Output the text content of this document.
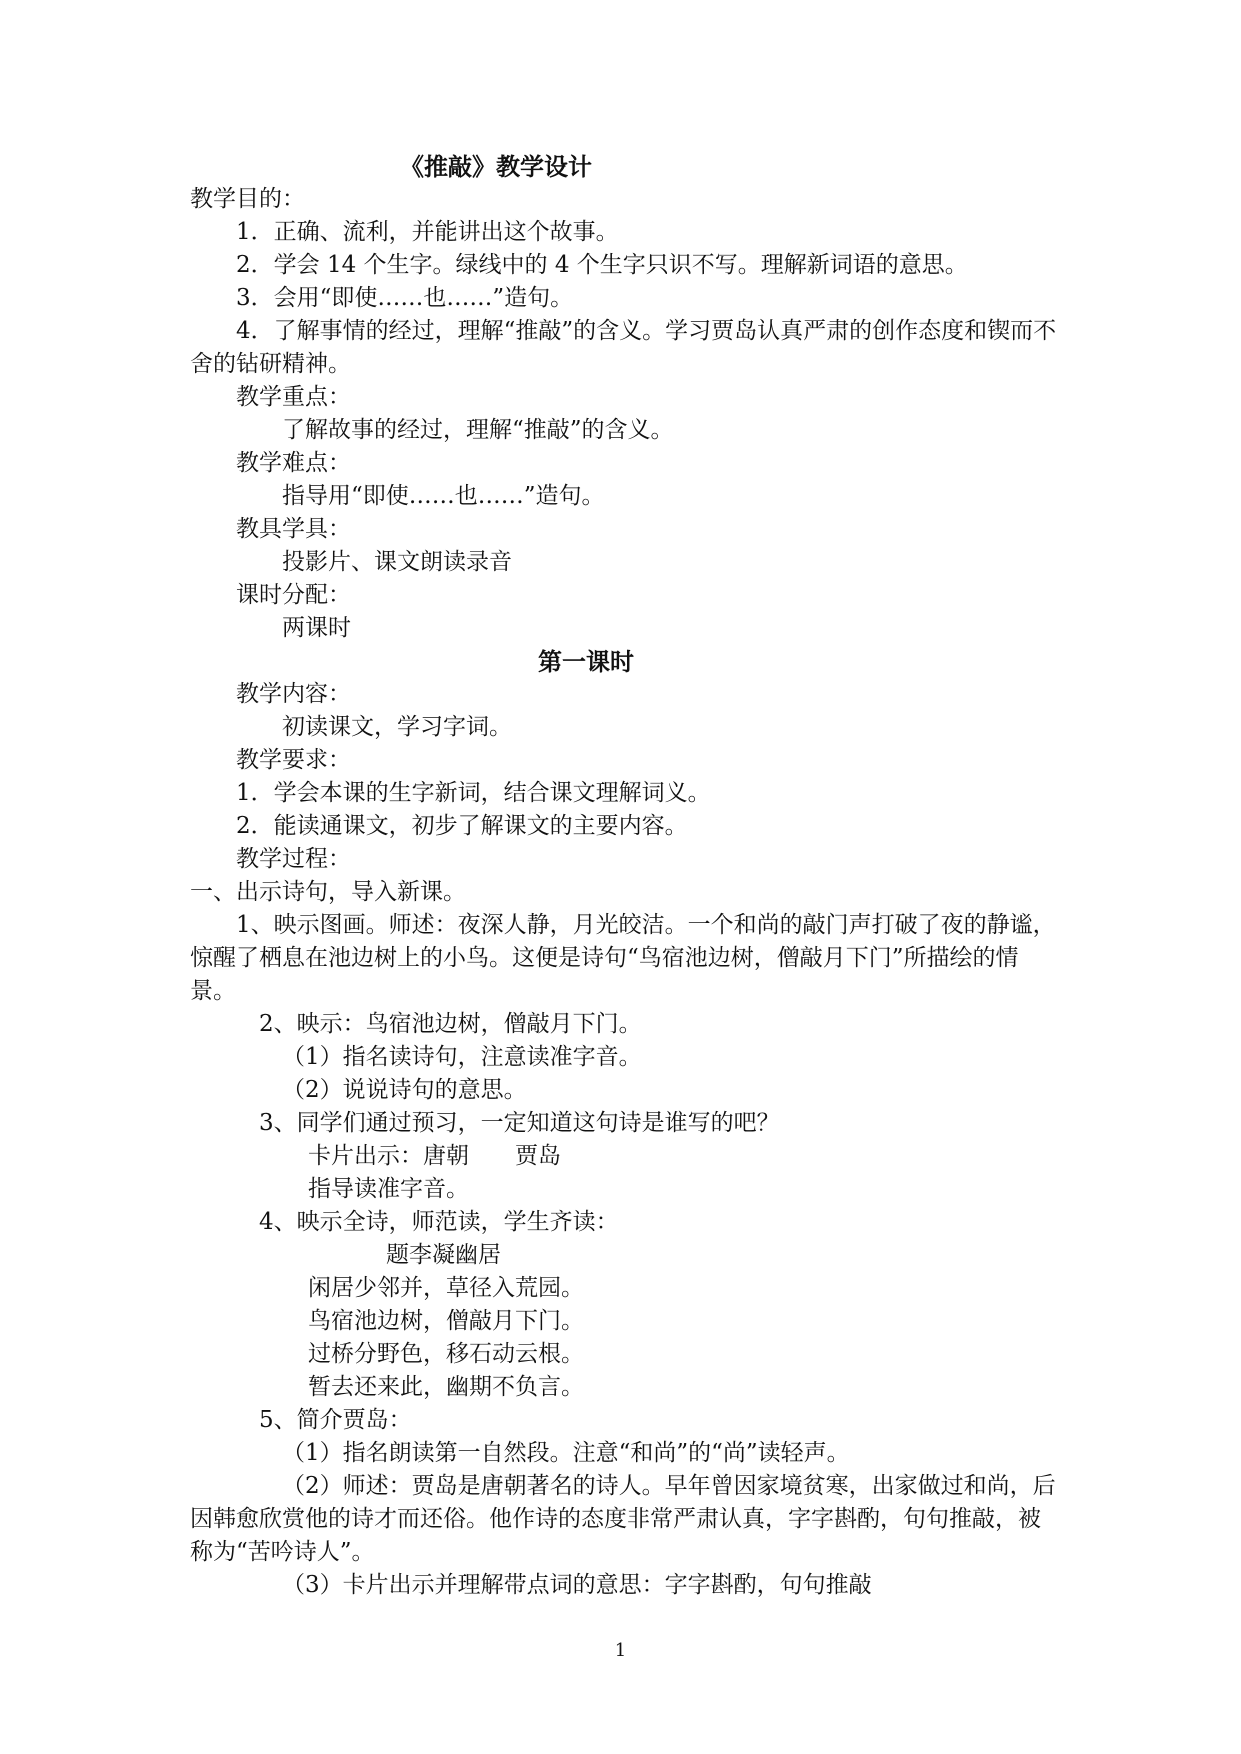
《推敲》教学设计
教学目的：
1．正确、流利，并能讲出这个故事。
2．学会 14 个生字。绿线中的 4 个生字只识不写。理解新词语的意思。
3．会用“即使……也……”造句。
4．了解事情的经过，理解“推敲”的含义。学习贾岛认真严肃的创作态度和锲而不舍的钻研精神。
教学重点：
了解故事的经过，理解“推敲”的含义。
教学难点：
指导用“即使……也……”造句。
教具学具：
投影片、课文朗读录音
课时分配：
两课时
第一课时
教学内容：
初读课文，学习字词。
教学要求：
1．学会本课的生字新词，结合课文理解词义。
2．能读通课文，初步了解课文的主要内容。
教学过程：
一、出示诗句，导入新课。
1、映示图画。师述：夜深人静，月光皎洁。一个和尚的敲门声打破了夜的静谧，惊醒了栖息在池边树上的小鸟。这便是诗句“鸟宿池边树，僧敲月下门”所描绘的情景。
2、映示：鸟宿池边树，僧敲月下门。
（1）指名读诗句，注意读准字音。
（2）说说诗句的意思。
3、同学们通过预习，一定知道这句诗是谁写的吧？
卡片出示：唐朝　　贾岛
指导读准字音。
4、映示全诗，师范读，学生齐读：
题李凝幽居
闲居少邻并，草径入荒园。
鸟宿池边树，僧敲月下门。
过桥分野色，移石动云根。
暂去还来此，幽期不负言。
5、简介贾岛：
（1）指名朗读第一自然段。注意“和尚”的“尚”读轻声。
（2）师述：贾岛是唐朝著名的诗人。早年曾因家境贫寒，出家做过和尚，后因韩愈欣赏他的诗才而还俗。他作诗的态度非常严肃认真，字字斟酌，句句推敲，被称为“苦吟诗人”。
（3）卡片出示并理解带点词的意思：字字斟酌，句句推敲
1
